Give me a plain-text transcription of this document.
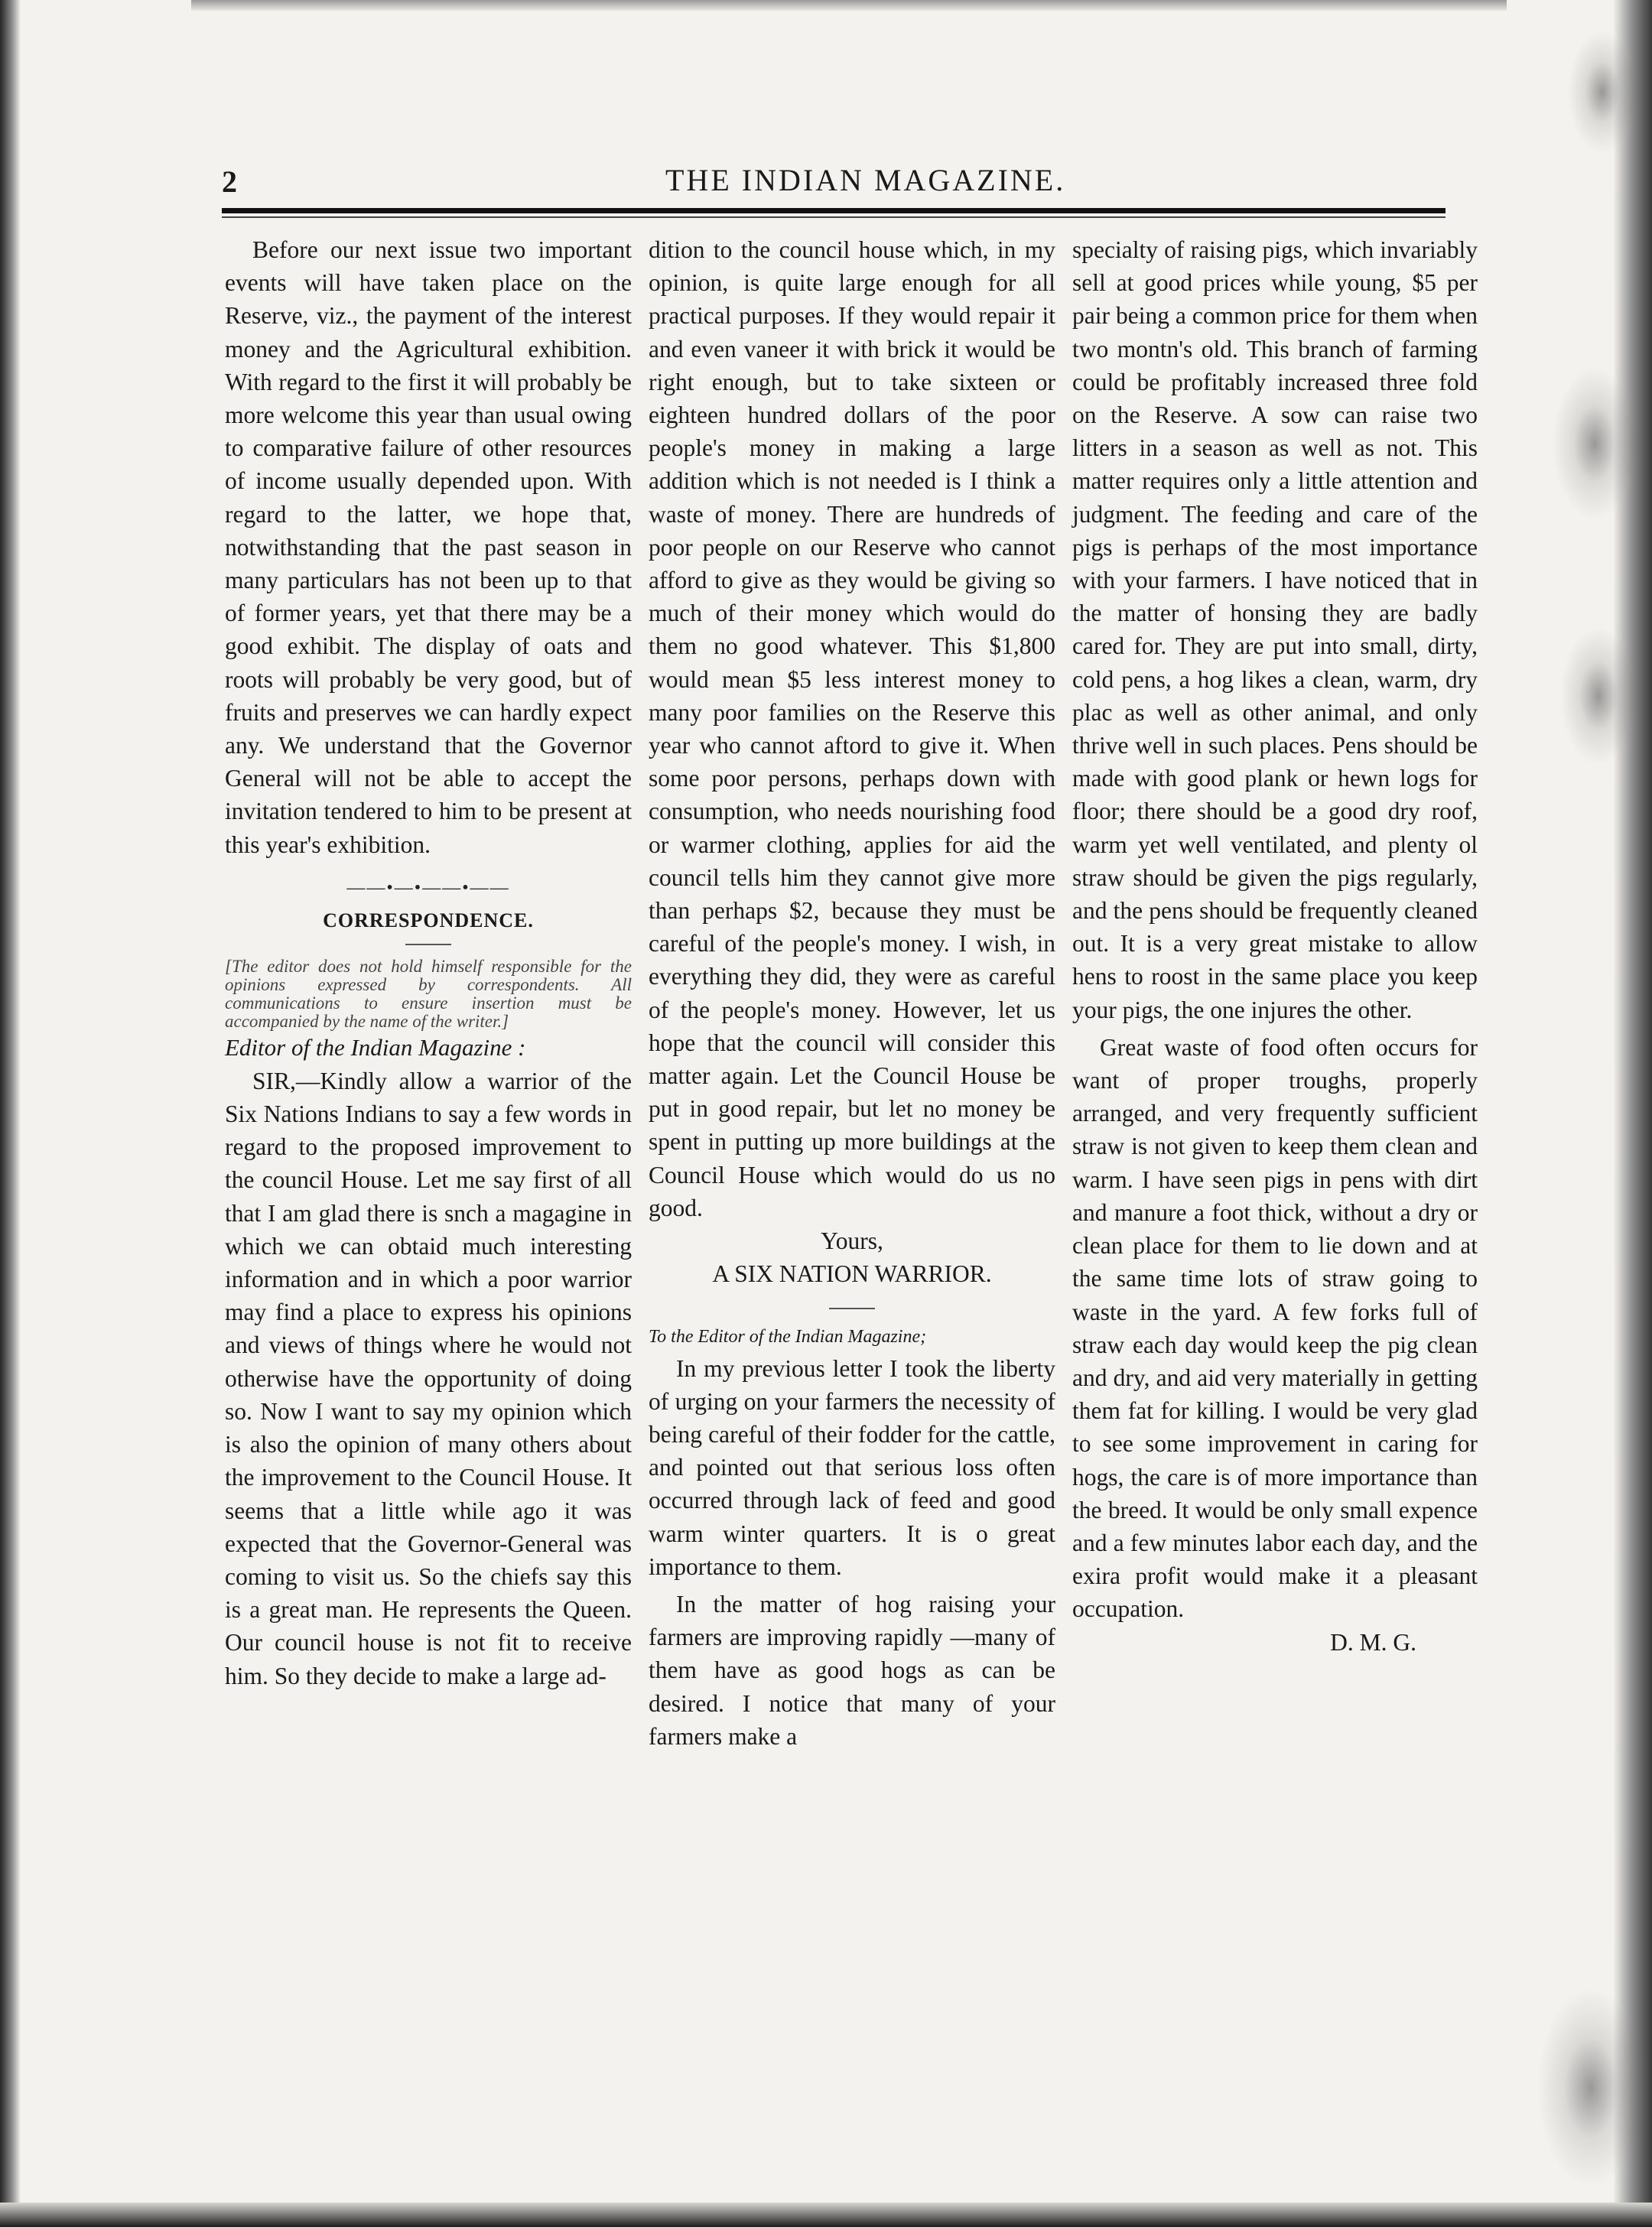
2	THE INDIAN MAGAZINE.

Before our next issue two important events will have taken place on the Reserve, viz., the payment of the interest money and the Agricultural exhibition. With regard to the first it will probably be more welcome this year than usual owing to comparative failure of other resources of income usually depended upon. With regard to the latter, we hope that, notwithstanding that the past season in many particulars has not been up to that of former years, yet that there may be a good exhibit. The display of oats and roots will probably be very good, but of fruits and preserves we can hardly expect any. We understand that the Governor General will not be able to accept the invitation tendered to him to be present at this year's exhibition.

——•—•——•——
CORRESPONDENCE.

[The editor does not hold himself responsible for the opinions expressed by correspondents. All communications to ensure insertion must be accompanied by the name of the writer.]

Editor of the Indian Magazine :

SIR,—Kindly allow a warrior of the Six Nations Indians to say a few words in regard to the proposed improvement to the council House. Let me say first of all that I am glad there is snch a magagine in which we can obtaid much interesting information and in which a poor warrior may find a place to express his opinions and views of things where he would not otherwise have the opportunity of doing so. Now I want to say my opinion which is also the opinion of many others about the improvement to the Council House. It seems that a little while ago it was expected that the Governor-General was coming to visit us. So the chiefs say this is a great man. He represents the Queen. Our council house is not fit to receive him. So they decide to make a large ad-

dition to the council house which, in my opinion, is quite large enough for all practical purposes. If they would repair it and even vaneer it with brick it would be right enough, but to take sixteen or eighteen hundred dollars of the poor people's money in making a large addition which is not needed is I think a waste of money. There are hundreds of poor people on our Reserve who cannot afford to give as they would be giving so much of their money which would do them no good whatever. This $1,800 would mean $5 less interest money to many poor families on the Reserve this year who cannot aftord to give it. When some poor persons, perhaps down with consumption, who needs nourishing food or warmer clothing, applies for aid the council tells him they cannot give more than perhaps $2, because they must be careful of the people's money. I wish, in everything they did, they were as careful of the people's money. However, let us hope that the council will consider this matter again. Let the Council House be put in good repair, but let no money be spent in putting up more buildings at the Council House which would do us no good.

Yours,

A SIX NATION WARRIOR.

To the Editor of the Indian Magazine;

In my previous letter I took the liberty of urging on your farmers the necessity of being careful of their fodder for the cattle, and pointed out that serious loss often occurred through lack of feed and good warm winter quarters. It is o great importance to them.

In the matter of hog raising your farmers are improving rapidly —many of them have as good hogs as can be desired. I notice that many of your farmers make a

specialty of raising pigs, which invariably sell at good prices while young, $5 per pair being a common price for them when two montn's old. This branch of farming could be profitably increased three fold on the Reserve. A sow can raise two litters in a season as well as not. This matter requires only a little attention and judgment. The feeding and care of the pigs is perhaps of the most importance with your farmers. I have noticed that in the matter of honsing they are badly cared for. They are put into small, dirty, cold pens, a hog likes a clean, warm, dry plac as well as other animal, and only thrive well in such places. Pens should be made with good plank or hewn logs for floor; there should be a good dry roof, warm yet well ventilated, and plenty ol straw should be given the pigs regularly, and the pens should be frequently cleaned out. It is a very great mistake to allow hens to roost in the same place you keep your pigs, the one injures the other.

Great waste of food often occurs for want of proper troughs, properly arranged, and very frequently sufficient straw is not given to keep them clean and warm. I have seen pigs in pens with dirt and manure a foot thick, without a dry or clean place for them to lie down and at the same time lots of straw going to waste in the yard. A few forks full of straw each day would keep the pig clean and dry, and aid very materially in getting them fat for killing. I would be very glad to see some improvement in caring for hogs, the care is of more importance than the breed. It would be only small expence and a few minutes labor each day, and the exira profit would make it a pleasant occupation.

D. M. G.
